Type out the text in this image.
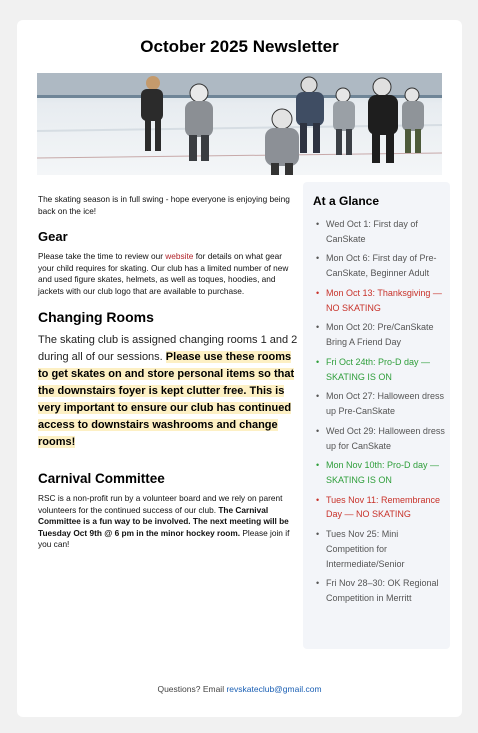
October 2025 Newsletter

The skating season is in full swing - hope everyone is enjoying being back on the ice!

Gear

Please take the time to review our website for details on what gear your child requires for skating. Our club has a limited number of new and used figure skates, helmets, as well as toques, hoodies, and jackets with our club logo that are available to purchase.

Changing Rooms

The skating club is assigned changing rooms 1 and 2 during all of our sessions. Please use these rooms to get skates on and store personal items so that the downstairs foyer is kept clutter free. This is very important to ensure our club has continued access to downstairs washrooms and change rooms!

Carnival Committee

RSC is a non-profit run by a volunteer board and we rely on parent volunteers for the continued success of our club. The Carnival Committee is a fun way to be involved. The next meeting will be Tuesday Oct 9th @ 6 pm in the minor hockey room. Please join if you can!

At a Glance
• Wed Oct 1: First day of CanSkate
• Mon Oct 6: First day of Pre-CanSkate, Beginner Adult
• Mon Oct 13: Thanksgiving — NO SKATING
• Mon Oct 20: Pre/CanSkate Bring A Friend Day
• Fri Oct 24th: Pro-D day — SKATING IS ON
• Mon Oct 27: Halloween dress up Pre-CanSkate
• Wed Oct 29: Halloween dress up for CanSkate
• Mon Nov 10th: Pro-D day — SKATING IS ON
• Tues Nov 11: Remembrance Day — NO SKATING
• Tues Nov 25: Mini Competition for Intermediate/Senior
• Fri Nov 28–30: OK Regional Competition in Merritt
Questions? Email revskateclub@gmail.com
